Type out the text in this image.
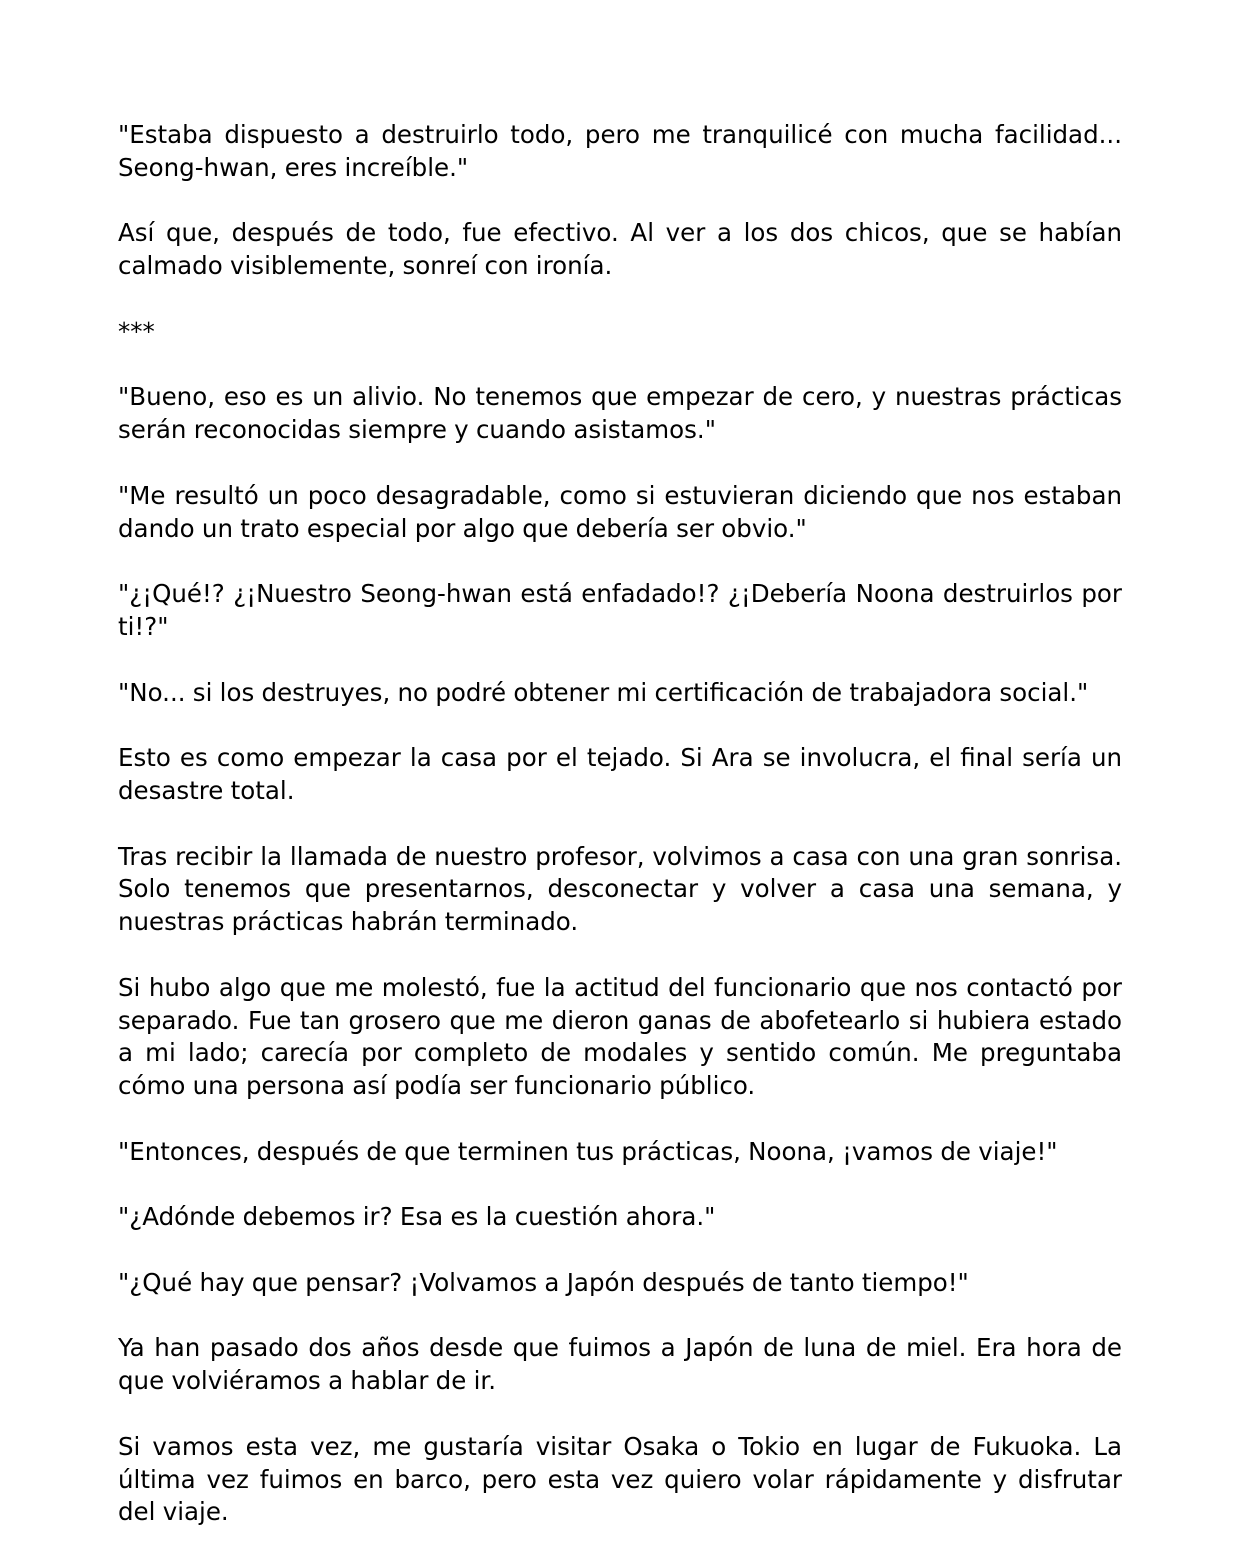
"Estaba dispuesto a destruirlo todo, pero me tranquilicé con mucha facilidad... Seong-hwan, eres increíble."

Así que, después de todo, fue efectivo. Al ver a los dos chicos, que se habían calmado visiblemente, sonreí con ironía.

***

"Bueno, eso es un alivio. No tenemos que empezar de cero, y nuestras prácticas serán reconocidas siempre y cuando asistamos."

"Me resultó un poco desagradable, como si estuvieran diciendo que nos estaban dando un trato especial por algo que debería ser obvio."

"¿¡Qué!? ¿¡Nuestro Seong-hwan está enfadado!? ¿¡Debería Noona destruirlos por ti!?"

"No... si los destruyes, no podré obtener mi certificación de trabajadora social."

Esto es como empezar la casa por el tejado. Si Ara se involucra, el final sería un desastre total.

Tras recibir la llamada de nuestro profesor, volvimos a casa con una gran sonrisa. Solo tenemos que presentarnos, desconectar y volver a casa una semana, y nuestras prácticas habrán terminado.

Si hubo algo que me molestó, fue la actitud del funcionario que nos contactó por separado. Fue tan grosero que me dieron ganas de abofetearlo si hubiera estado a mi lado; carecía por completo de modales y sentido común. Me preguntaba cómo una persona así podía ser funcionario público.

"Entonces, después de que terminen tus prácticas, Noona, ¡vamos de viaje!"

"¿Adónde debemos ir? Esa es la cuestión ahora."

"¿Qué hay que pensar? ¡Volvamos a Japón después de tanto tiempo!"

Ya han pasado dos años desde que fuimos a Japón de luna de miel. Era hora de que volviéramos a hablar de ir.

Si vamos esta vez, me gustaría visitar Osaka o Tokio en lugar de Fukuoka. La última vez fuimos en barco, pero esta vez quiero volar rápidamente y disfrutar del viaje.
